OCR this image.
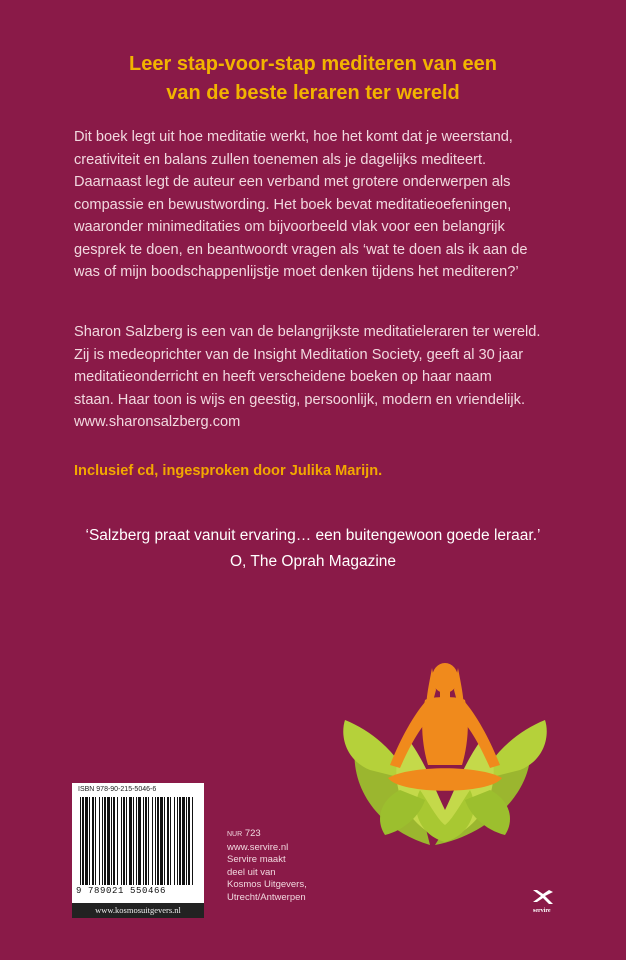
Leer stap-voor-stap mediteren van een
van de beste leraren ter wereld
Dit boek legt uit hoe meditatie werkt, hoe het komt dat je weerstand,
creativiteit en balans zullen toenemen als je dagelijks mediteert.
Daarnaast legt de auteur een verband met grotere onderwerpen als
compassie en bewustwording. Het boek bevat meditatieoefeningen,
waaronder minimeditaties om bijvoorbeeld vlak voor een belangrijk
gesprek te doen, en beantwoordt vragen als ‘wat te doen als ik aan de
was of mijn boodschappenlijstje moet denken tijdens het mediteren?’
Sharon Salzberg is een van de belangrijkste meditatieleraren ter wereld.
Zij is medeoprichter van de Insight Meditation Society, geeft al 30 jaar
meditatieonderricht en heeft verscheidene boeken op haar naam
staan. Haar toon is wijs en geestig, persoonlijk, modern en vriendelijk.
www.sharonsalzberg.com
Inclusief cd, ingesproken door Julika Marijn.
‘Salzberg praat vanuit ervaring… een buitengewoon goede leraar.’
O, The Oprah Magazine
ISBN 978-90-215-5046-6
9 789021 550466
www.kosmosuitgevers.nl
NUR 723
www.servire.nl
Servire maakt
deel uit van
Kosmos Uitgevers,
Utrecht/Antwerpen
servire
